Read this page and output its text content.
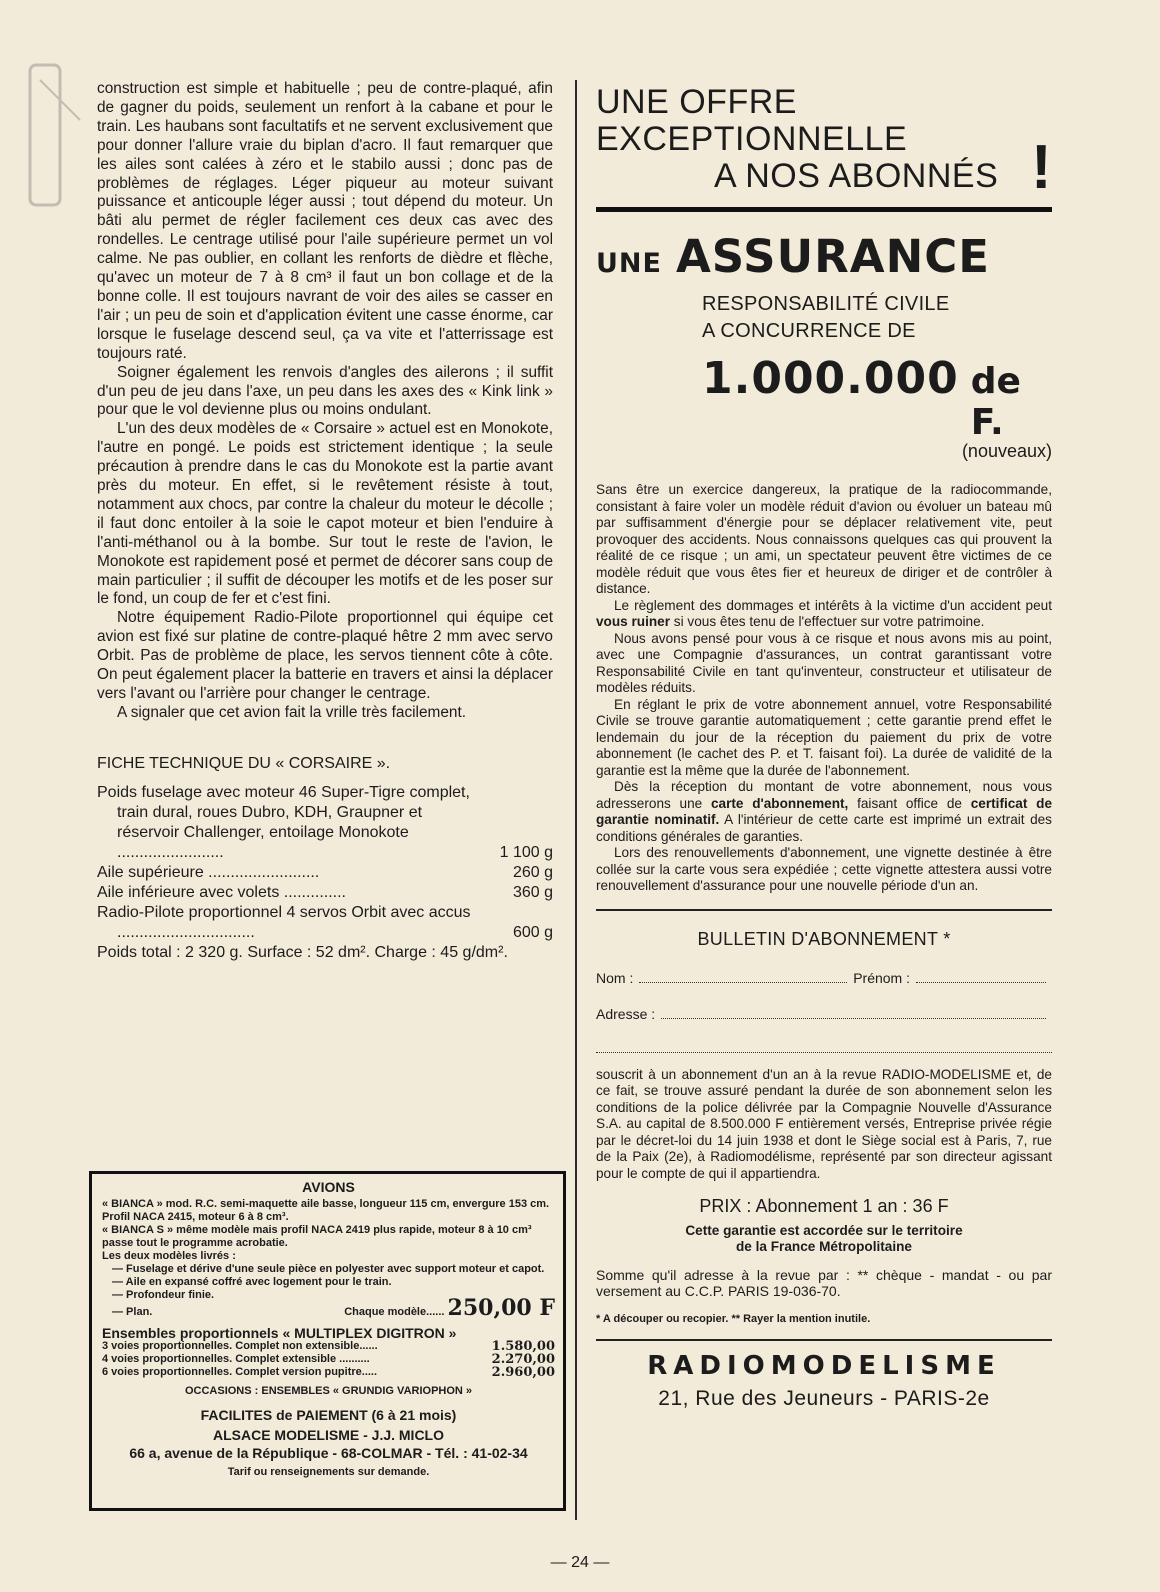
construction est simple et habituelle ; peu de contre-plaqué, afin de gagner du poids, seulement un renfort à la cabane et pour le train. Les haubans sont facultatifs et ne servent exclusivement que pour donner l'allure vraie du biplan d'acro. Il faut remarquer que les ailes sont calées à zéro et le stabilo aussi ; donc pas de problèmes de réglages. Léger piqueur au moteur suivant puissance et anticouple léger aussi ; tout dépend du moteur. Un bâti alu permet de régler facilement ces deux cas avec des rondelles. Le centrage utilisé pour l'aile supérieure permet un vol calme. Ne pas oublier, en collant les renforts de dièdre et flèche, qu'avec un moteur de 7 à 8 cm³ il faut un bon collage et de la bonne colle. Il est toujours navrant de voir des ailes se casser en l'air ; un peu de soin et d'application évitent une casse énorme, car lorsque le fuselage descend seul, ça va vite et l'atterrissage est toujours raté.

Soigner également les renvois d'angles des ailerons ; il suffit d'un peu de jeu dans l'axe, un peu dans les axes des « Kink link » pour que le vol devienne plus ou moins ondulant.

L'un des deux modèles de « Corsaire » actuel est en Monokote, l'autre en pongé. Le poids est strictement identique ; la seule précaution à prendre dans le cas du Monokote est la partie avant près du moteur. En effet, si le revêtement résiste à tout, notamment aux chocs, par contre la chaleur du moteur le décolle ; il faut donc entoiler à la soie le capot moteur et bien l'enduire à l'anti-méthanol ou à la bombe. Sur tout le reste de l'avion, le Monokote est rapidement posé et permet de décorer sans coup de main particulier ; il suffit de découper les motifs et de les poser sur le fond, un coup de fer et c'est fini.

Notre équipement Radio-Pilote proportionnel qui équipe cet avion est fixé sur platine de contre-plaqué hêtre 2 mm avec servo Orbit. Pas de problème de place, les servos tiennent côte à côte. On peut également placer la batterie en travers et ainsi la déplacer vers l'avant ou l'arrière pour changer le centrage.

A signaler que cet avion fait la vrille très facilement.

FICHE TECHNIQUE DU « CORSAIRE ».
Poids fuselage avec moteur 46 Super-Tigre complet, train dural, roues Dubro, KDH, Graupner et réservoir Challenger, entoilage Monokote ........................	1 100 g
Aile supérieure .........................	260 g
Aile inférieure avec volets ..............	360 g
Radio-Pilote proportionnel 4 servos Orbit avec accus ...............................	600 g
Poids total : 2 320 g. Surface : 52 dm². Charge : 45 g/dm².
AVIONS

« BIANCA » mod. R.C. semi-maquette aile basse, longueur 115 cm, envergure 153 cm. Profil NACA 2415, moteur 6 à 8 cm³.

« BIANCA S » même modèle mais profil NACA 2419 plus rapide, moteur 8 à 10 cm³ passe tout le programme acrobatie.

Les deux modèles livrés :

— Fuselage et dérive d'une seule pièce en polyester avec support moteur et capot.

— Aile en expansé coffré avec logement pour le train.

— Profondeur finie.

— Plan.	Chaque modèle...... 250,00 F
Ensembles proportionnels « MULTIPLEX DIGITRON »
3 voies proportionnelles. Complet non extensible......	1.580,00
4 voies proportionnelles. Complet extensible ..........	2.270,00
6 voies proportionnelles. Complet version pupitre.....	2.960,00
OCCASIONS : ENSEMBLES « GRUNDIG VARIOPHON »
FACILITES de PAIEMENT (6 à 21 mois)
ALSACE MODELISME - J.J. MICLO
66 a, avenue de la République - 68-COLMAR - Tél. : 41-02-34
Tarif ou renseignements sur demande.
UNE OFFRE
EXCEPTIONNELLE
A NOS ABONNÉS !
UNE ASSURANCE
RESPONSABILITÉ CIVILE
A CONCURRENCE DE
1.000.000 de F.
(nouveaux)

Sans être un exercice dangereux, la pratique de la radiocommande, consistant à faire voler un modèle réduit d'avion ou évoluer un bateau mû par suffisamment d'énergie pour se déplacer relativement vite, peut provoquer des accidents. Nous connaissons quelques cas qui prouvent la réalité de ce risque ; un ami, un spectateur peuvent être victimes de ce modèle réduit que vous êtes fier et heureux de diriger et de contrôler à distance.

Le règlement des dommages et intérêts à la victime d'un accident peut vous ruiner si vous êtes tenu de l'effectuer sur votre patrimoine.

Nous avons pensé pour vous à ce risque et nous avons mis au point, avec une Compagnie d'assurances, un contrat garantissant votre Responsabilité Civile en tant qu'inventeur, constructeur et utilisateur de modèles réduits.

En réglant le prix de votre abonnement annuel, votre Responsabilité Civile se trouve garantie automatiquement ; cette garantie prend effet le lendemain du jour de la réception du paiement du prix de votre abonnement (le cachet des P. et T. faisant foi). La durée de validité de la garantie est la même que la durée de l'abonnement.

Dès la réception du montant de votre abonnement, nous vous adresserons une carte d'abonnement, faisant office de certificat de garantie nominatif. A l'intérieur de cette carte est imprimé un extrait des conditions générales de garanties.

Lors des renouvellements d'abonnement, une vignette destinée à être collée sur la carte vous sera expédiée ; cette vignette attestera aussi votre renouvellement d'assurance pour une nouvelle période d'un an.

BULLETIN D'ABONNEMENT *
Nom :	Prénom :
Adresse :

souscrit à un abonnement d'un an à la revue RADIO-MODELISME et, de ce fait, se trouve assuré pendant la durée de son abonnement selon les conditions de la police délivrée par la Compagnie Nouvelle d'Assurance S.A. au capital de 8.500.000 F entièrement versés, Entreprise privée régie par le décret-loi du 14 juin 1938 et dont le Siège social est à Paris, 7, rue de la Paix (2e), à Radiomodélisme, représenté par son directeur agissant pour le compte de qui il appartiendra.

PRIX : Abonnement 1 an : 36 F
Cette garantie est accordée sur le territoire
de la France Métropolitaine
Somme qu'il adresse à la revue par : ** chèque - mandat - ou par versement au C.C.P. PARIS 19-036-70.
* A découper ou recopier. ** Rayer la mention inutile.
RADIOMODELISME
21, Rue des Jeuneurs - PARIS-2e
— 24 —
